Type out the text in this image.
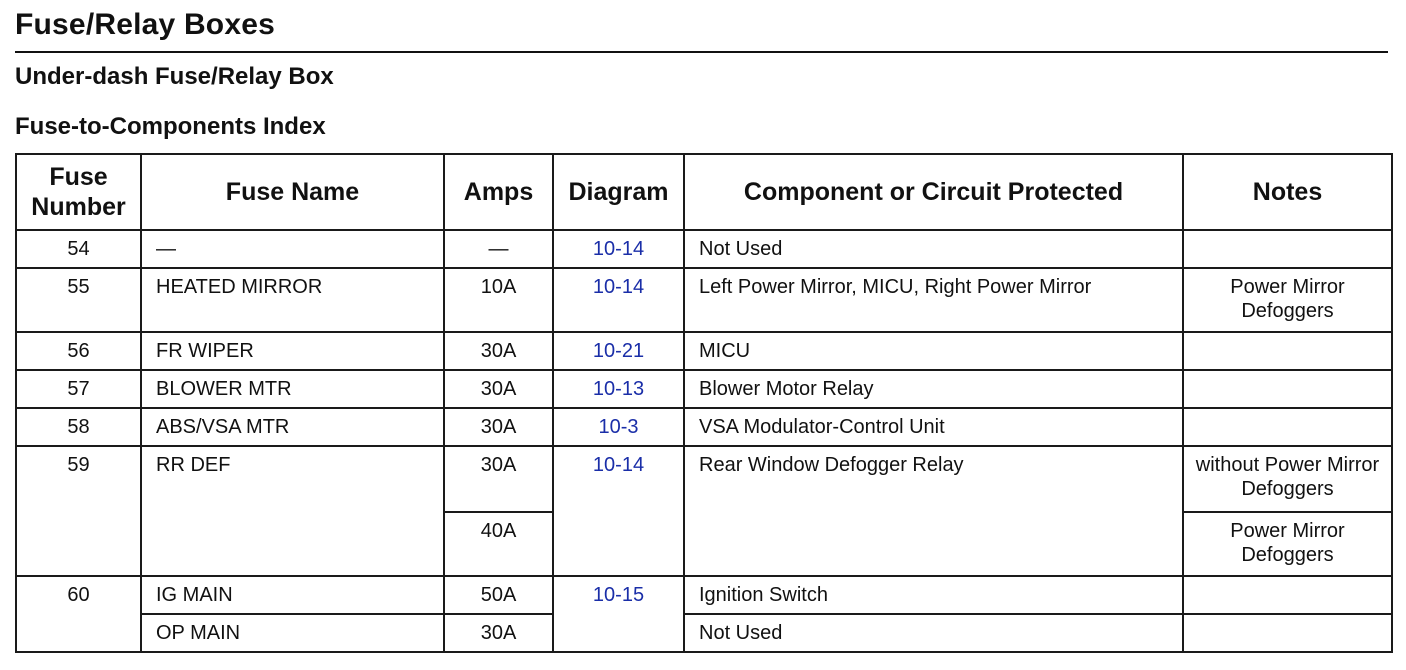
Fuse/Relay Boxes
Under-dash Fuse/Relay Box
Fuse-to-Components Index
Fuse Number	Fuse Name	Amps	Diagram	Component or Circuit Protected	Notes
54	—	—	10-14	Not Used	
55	HEATED MIRROR	10A	10-14	Left Power Mirror, MICU, Right Power Mirror	Power Mirror Defoggers

56	FR WIPER	30A	10-21	MICU	
57	BLOWER MTR	30A	10-13	Blower Motor Relay	
58	ABS/VSA MTR	30A	10-3	VSA Modulator-Control Unit	
59	RR DEF	30A	10-14	Rear Window Defogger Relay	without Power Mirror Defoggers

		40A			Power Mirror Defoggers

60	IG MAIN	50A	10-15	Ignition Switch	
	OP MAIN	30A		Not Used	
